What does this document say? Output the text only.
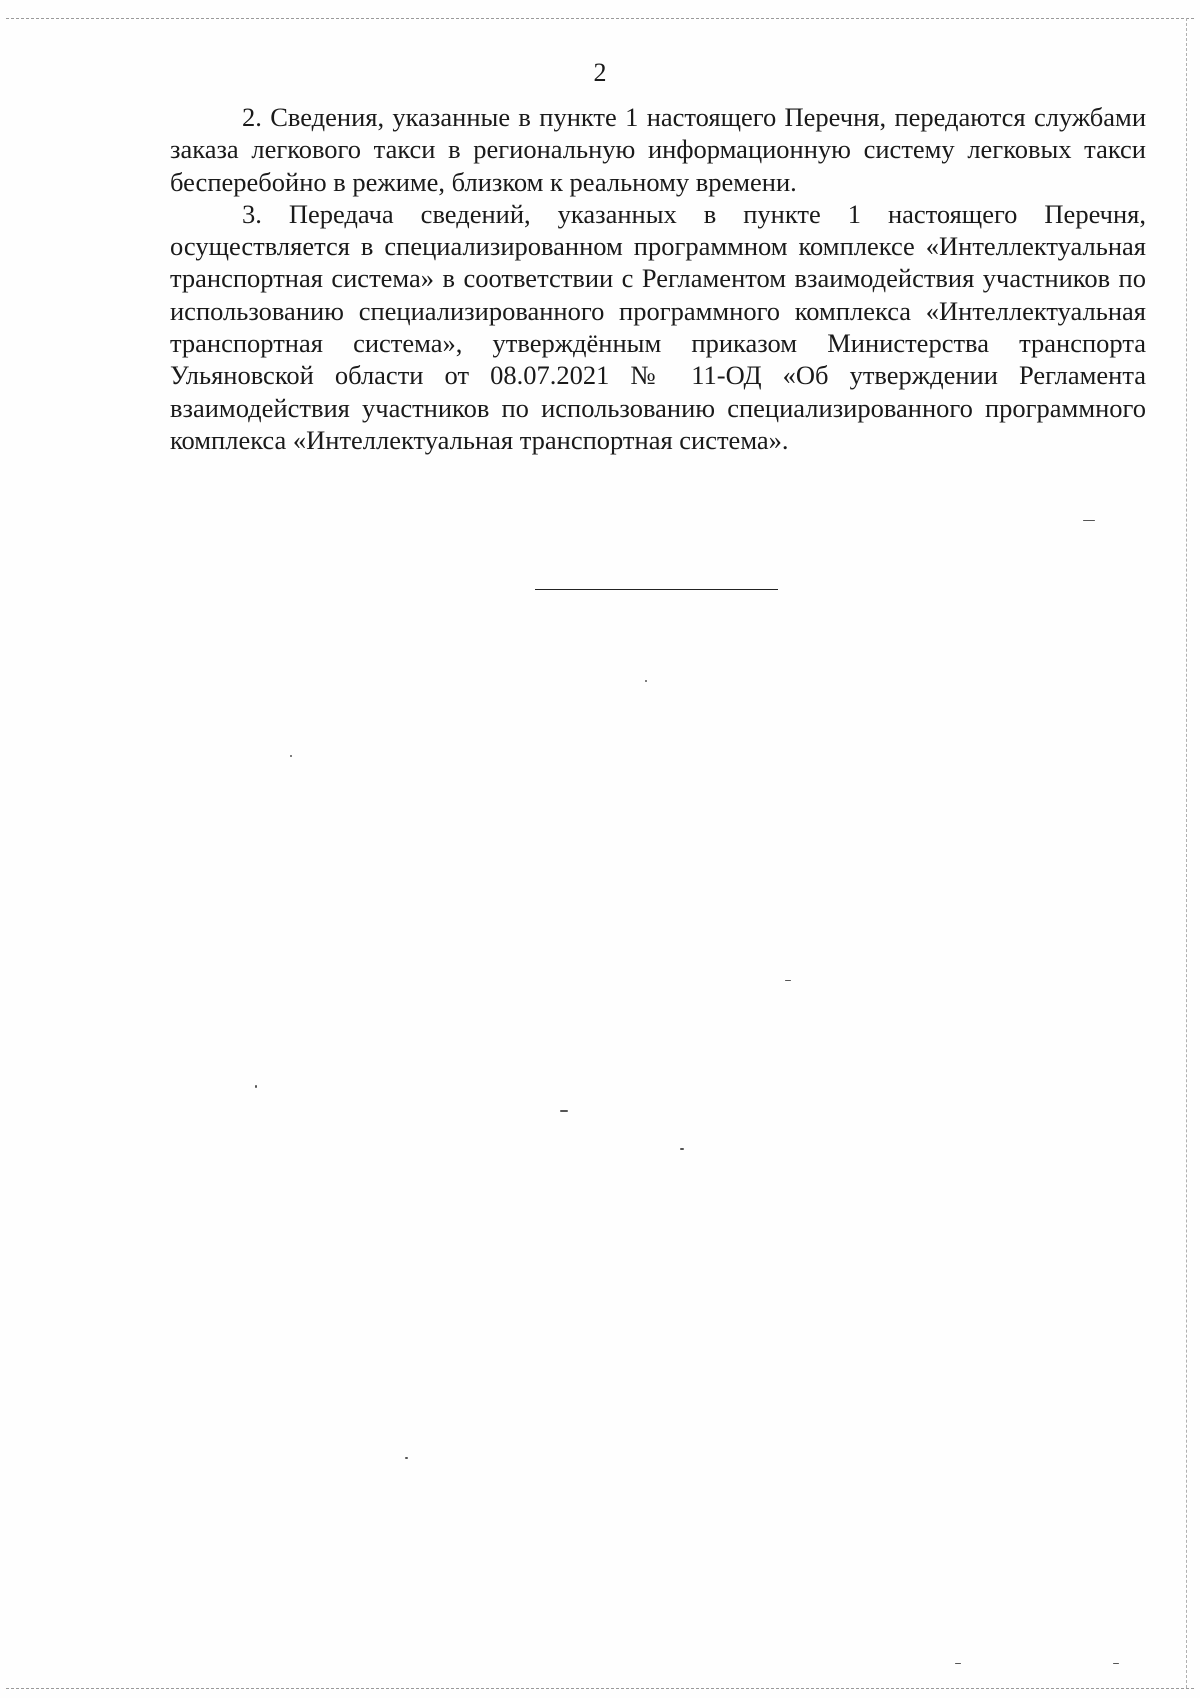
2

2. Сведения, указанные в пункте 1 настоящего Перечня, передаются службами заказа легкового такси в региональную информационную систему легковых такси бесперебойно в режиме, близком к реальному времени.

3. Передача сведений, указанных в пункте 1 настоящего Перечня, осуществляется в специализированном программном комплексе «Интеллектуальная транспортная система» в соответствии с Регламентом взаимодействия участников по использованию специализированного программного комплекса «Интеллектуальная транспортная система», утверждённым приказом Министерства транспорта Ульяновской области от 08.07.2021 № 11-ОД «Об утверждении Регламента взаимодействия участников по использованию специализированного программного комплекса «Интеллектуальная транспортная система».
